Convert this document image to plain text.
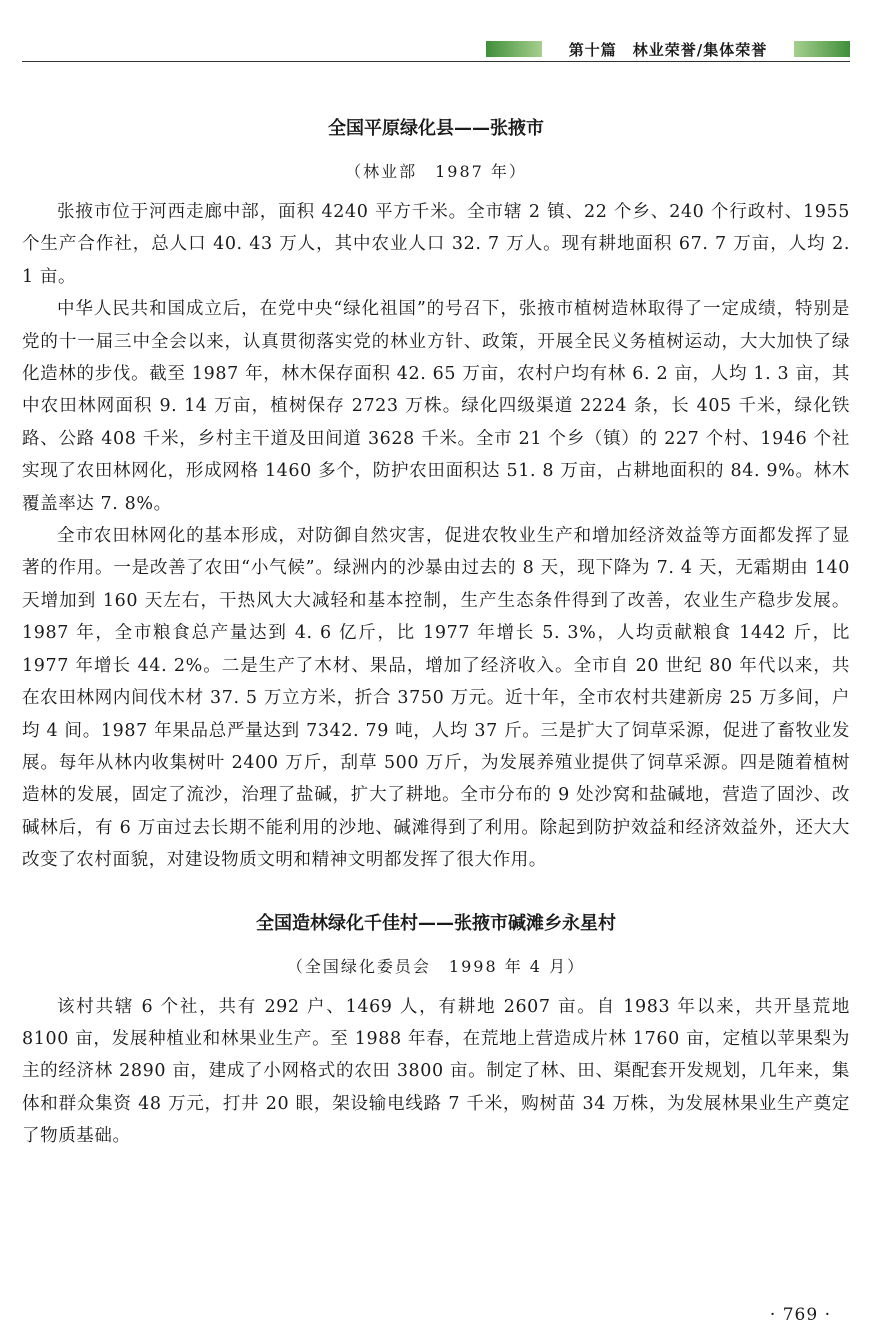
第十篇　林业荣誉/集体荣誉
全国平原绿化县——张掖市
（林业部　1987 年）

张掖市位于河西走廊中部，面积 4240 平方千米。全市辖 2 镇、22 个乡、240 个行政村、1955 个生产合作社，总人口 40. 43 万人，其中农业人口 32. 7 万人。现有耕地面积 67. 7 万亩，人均 2. 1 亩。

中华人民共和国成立后，在党中央“绿化祖国”的号召下，张掖市植树造林取得了一定成绩，特别是党的十一届三中全会以来，认真贯彻落实党的林业方针、政策，开展全民义务植树运动，大大加快了绿化造林的步伐。截至 1987 年，林木保存面积 42. 65 万亩，农村户均有林 6. 2 亩，人均 1. 3 亩，其中农田林网面积 9. 14 万亩，植树保存 2723 万株。绿化四级渠道 2224 条，长 405 千米，绿化铁路、公路 408 千米，乡村主干道及田间道 3628 千米。全市 21 个乡（镇）的 227 个村、1946 个社实现了农田林网化，形成网格 1460 多个，防护农田面积达 51. 8 万亩，占耕地面积的 84. 9%。林木覆盖率达 7. 8%。

全市农田林网化的基本形成，对防御自然灾害，促进农牧业生产和增加经济效益等方面都发挥了显著的作用。一是改善了农田“小气候”。绿洲内的沙暴由过去的 8 天，现下降为 7. 4 天，无霜期由 140 天增加到 160 天左右，干热风大大减轻和基本控制，生产生态条件得到了改善，农业生产稳步发展。1987 年，全市粮食总产量达到 4. 6 亿斤，比 1977 年增长 5. 3%，人均贡献粮食 1442 斤，比 1977 年增长 44. 2%。二是生产了木材、果品，增加了经济收入。全市自 20 世纪 80 年代以来，共在农田林网内间伐木材 37. 5 万立方米，折合 3750 万元。近十年，全市农村共建新房 25 万多间，户均 4 间。1987 年果品总严量达到 7342. 79 吨，人均 37 斤。三是扩大了饲草采源，促进了畜牧业发展。每年从林内收集树叶 2400 万斤，刮草 500 万斤，为发展养殖业提供了饲草采源。四是随着植树造林的发展，固定了流沙，治理了盐碱，扩大了耕地。全市分布的 9 处沙窝和盐碱地，营造了固沙、改碱林后，有 6 万亩过去长期不能利用的沙地、碱滩得到了利用。除起到防护效益和经济效益外，还大大改变了农村面貌，对建设物质文明和精神文明都发挥了很大作用。

全国造林绿化千佳村——张掖市碱滩乡永星村
（全国绿化委员会　1998 年 4 月）

该村共辖 6 个社，共有 292 户、1469 人，有耕地 2607 亩。自 1983 年以来，共开垦荒地 8100 亩，发展种植业和林果业生产。至 1988 年春，在荒地上营造成片林 1760 亩，定植以苹果梨为主的经济林 2890 亩，建成了小网格式的农田 3800 亩。制定了林、田、渠配套开发规划，几年来，集体和群众集资 48 万元，打井 20 眼，架设输电线路 7 千米，购树苗 34 万株，为发展林果业生产奠定了物质基础。

· 769 ·
